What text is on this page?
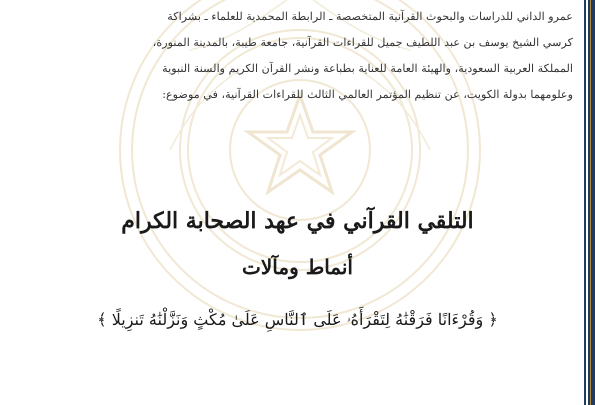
عمرو الداني للدراسات والبحوث القرآنية المتخصصة ـ الرابطة المحمدية للعلماء ـ بشراكة
كرسي الشيخ يوسف بن عبد اللطيف جميل للقراءات القرآنية، جامعة طيبة، بالمدينة المنورة،
المملكة العربية السعودية، والهيئة العامة للعناية بطباعة ونشر القرآن الكريم والسنة النبوية
وعلومهما بدولة الكويت، عن تنظيم المؤتمر العالمي الثالث للقراءات القرآنية، في موضوع:
التلقي القرآني في عهد الصحابة الكرام
أنماط ومآلات
﴿ وَقُرْءَانًا فَرَقْنَٰهُ لِتَقْرَأَهُۥ عَلَى ٱلنَّاسِ عَلَىٰ مُكْثٍ وَنَزَّلْنَٰهُ تَنزِيلًا ﴾
